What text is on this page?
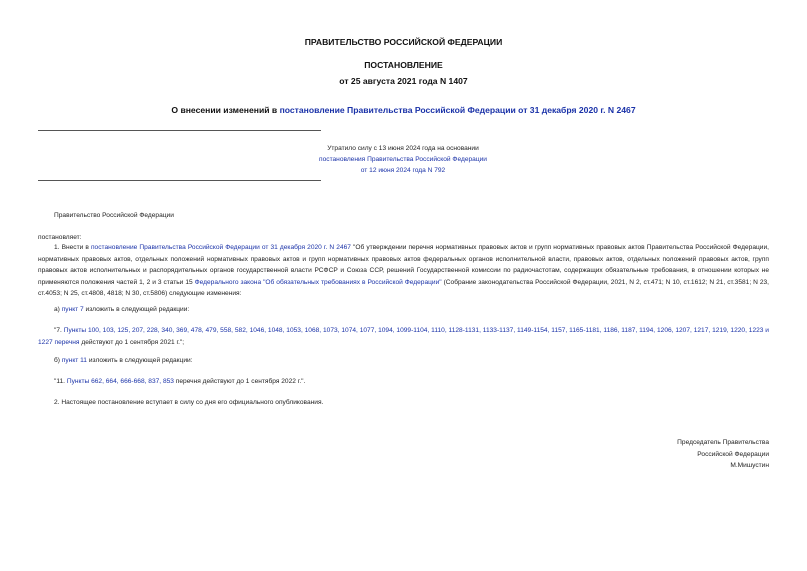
ПРАВИТЕЛЬСТВО РОССИЙСКОЙ ФЕДЕРАЦИИ
ПОСТАНОВЛЕНИЕ
от 25 августа 2021 года N 1407
О внесении изменений в постановление Правительства Российской Федерации от 31 декабря 2020 г. N 2467
Утратило силу с 13 июня 2024 года на основании
постановления Правительства Российской Федерации
от 12 июня 2024 года N 792
Правительство Российской Федерации
постановляет:
1. Внести в постановление Правительства Российской Федерации от 31 декабря 2020 г. N 2467 "Об утверждении перечня нормативных правовых актов и групп нормативных правовых актов Правительства Российской Федерации, нормативных правовых актов, отдельных положений нормативных правовых актов и групп нормативных правовых актов федеральных органов исполнительной власти, правовых актов, отдельных положений правовых актов, групп правовых актов исполнительных и распорядительных органов государственной власти РСФСР и Союза ССР, решений Государственной комиссии по радиочастотам, содержащих обязательные требования, в отношении которых не применяются положения частей 1, 2 и 3 статьи 15 Федерального закона "Об обязательных требованиях в Российской Федерации" (Собрание законодательства Российской Федерации, 2021, N 2, ст.471; N 10, ст.1612; N 21, ст.3581; N 23, ст.4053; N 25, ст.4808, 4818; N 30, ст.5806) следующие изменения:
а) пункт 7 изложить в следующей редакции:
"7. Пункты 100, 103, 125, 207, 228, 340, 369, 478, 479, 558, 582, 1046, 1048, 1053, 1068, 1073, 1074, 1077, 1094, 1099-1104, 1110, 1128-1131, 1133-1137, 1149-1154, 1157, 1165-1181, 1186, 1187, 1194, 1206, 1207, 1217, 1219, 1220, 1223 и 1227 перечня действуют до 1 сентября 2021 г.";
б) пункт 11 изложить в следующей редакции:
"11. Пункты 662, 664, 666-668, 837, 853 перечня действуют до 1 сентября 2022 г.".
2. Настоящее постановление вступает в силу со дня его официального опубликования.
Председатель Правительства
Российской Федерации
М.Мишустин
